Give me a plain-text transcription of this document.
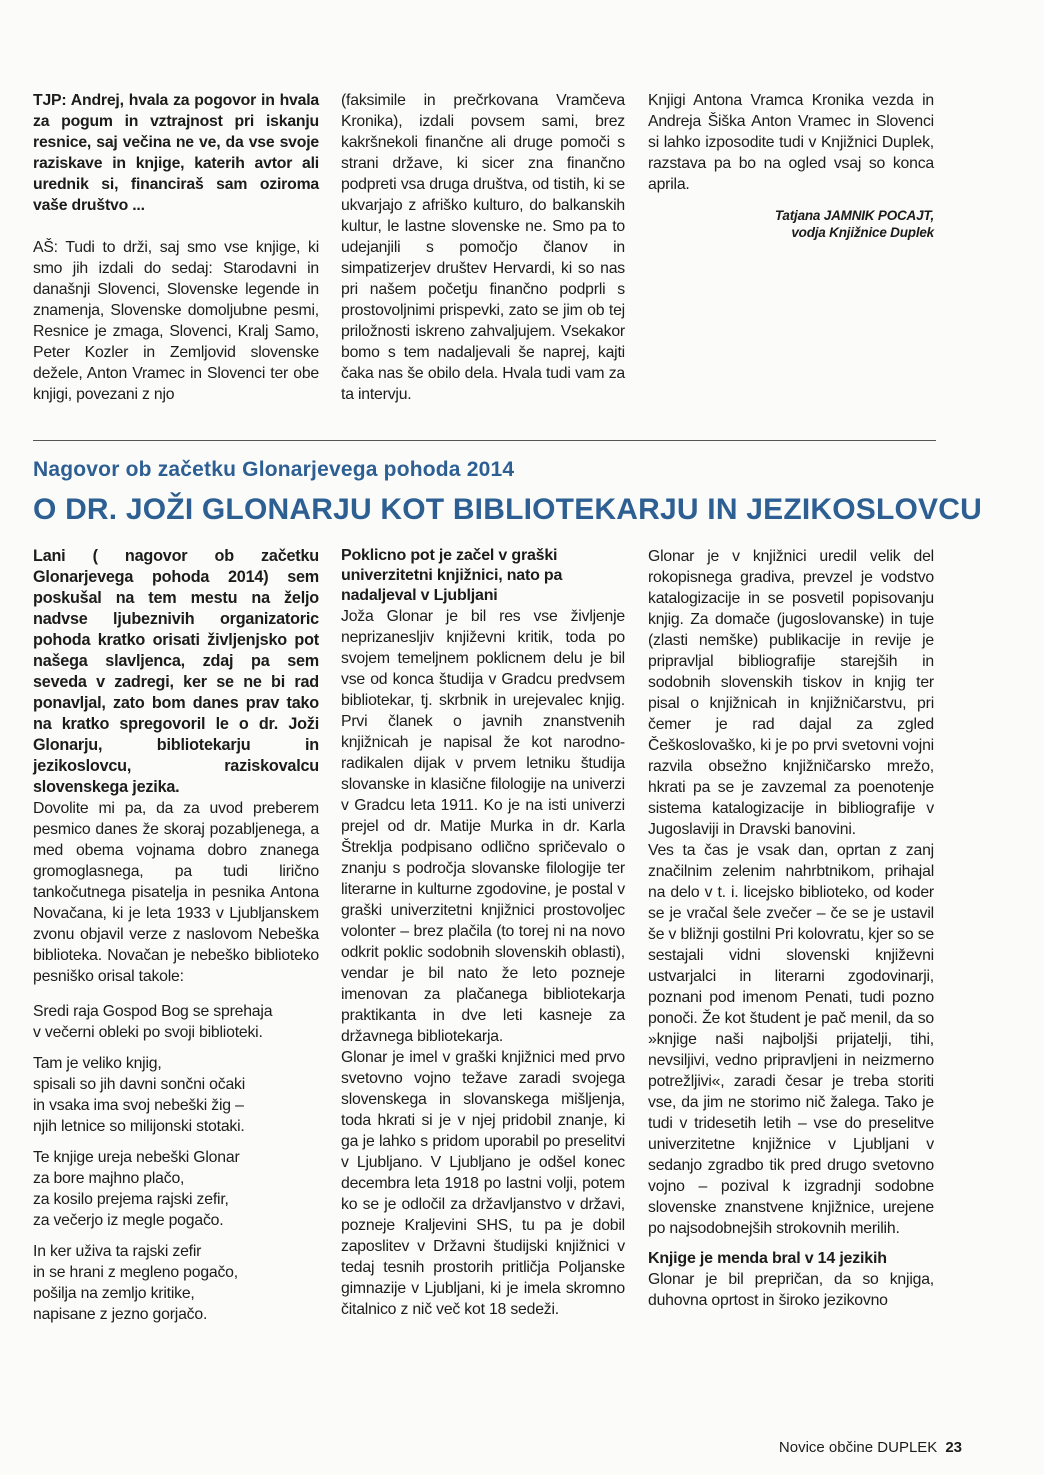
TJP: Andrej, hvala za pogovor in hvala za pogum in vztrajnost pri iskanju resnice, saj večina ne ve, da vse svoje raziskave in knjige, katerih avtor ali urednik si, financiraš sam oziroma vaše društvo ...

AŠ: Tudi to drži, saj smo vse knjige, ki smo jih izdali do sedaj: Starodavni in današnji Slovenci, Slovenske legende in znamenja, Slovenske domoljubne pesmi, Resnice je zmaga, Slovenci, Kralj Samo, Peter Kozler in Zemljovid slovenske dežele, Anton Vramec in Slovenci ter obe knjigi, povezani z njo

(faksimile in prečrkovana Vramčeva Kronika), izdali povsem sami, brez kakršnekoli finančne ali druge pomoči s strani države, ki sicer zna finančno podpreti vsa druga društva, od tistih, ki se ukvarjajo z afriško kulturo, do balkanskih kultur, le lastne slovenske ne. Smo pa to udejanjili s pomočjo članov in simpatizerjev društev Hervardi, ki so nas pri našem početju finančno podprli s prostovoljnimi prispevki, zato se jim ob tej priložnosti iskreno zahvaljujem. Vsekakor bomo s tem nadaljevali še naprej, kajti čaka nas še obilo dela. Hvala tudi vam za ta intervju.

Knjigi Antona Vramca Kronika vezda in Andreja Šiška Anton Vramec in Slovenci si lahko izposodite tudi v Knjižnici Duplek, razstava pa bo na ogled vsaj so konca aprila.

Tatjana JAMNIK POCAJT,

vodja Knjižnice Duplek

Nagovor ob začetku Glonarjevega pohoda 2014
O DR. JOŽI GLONARJU KOT BIBLIOTEKARJU IN JEZIKOSLOVCU

Lani ( nagovor ob začetku Glonarjevega pohoda 2014) sem poskušal na tem mestu na željo nadvse ljubeznivih organizatoric pohoda kratko orisati življenjsko pot našega slavljenca, zdaj pa sem seveda v zadregi, ker se ne bi rad ponavljal, zato bom danes prav tako na kratko spregovoril le o dr. Joži Glonarju, bibliotekarju in jezikoslovcu, raziskovalcu slovenskega jezika.

Dovolite mi pa, da za uvod preberem pesmico danes že skoraj pozabljenega, a med obema vojnama dobro znanega gromoglasnega, pa tudi lirično tankočutnega pisatelja in pesnika Antona Novačana, ki je leta 1933 v Ljubljanskem zvonu objavil verze z naslovom Nebeška biblioteka. Novačan je nebeško biblioteko pesniško orisal takole:

Sredi raja Gospod Bog se sprehaja

v večerni obleki po svoji biblioteki.

Tam je veliko knjig,

spisali so jih davni sončni očaki

in vsaka ima svoj nebeški žig –

njih letnice so milijonski stotaki.

Te knjige ureja nebeški Glonar

za bore majhno plačo,

za kosilo prejema rajski zefir,

za večerjo iz megle pogačo.

In ker uživa ta rajski zefir

in se hrani z megleno pogačo,

pošilja na zemljo kritike,

napisane z jezno gorjačo.

Poklicno pot je začel v graški univerzitetni knjižnici, nato pa nadaljeval v Ljubljani

Joža Glonar je bil res vse življenje neprizaneslјiv književni kritik, toda po svojem temeljnem poklicnem delu je bil vse od konca študija v Gradcu predvsem bibliotekar, tj. skrbnik in urejevalec knjig. Prvi članek o javnih znanstvenih knjižnicah je napisal že kot narodno-radikalen dijak v prvem letniku študija slovanske in klasične filologije na univerzi v Gradcu leta 1911. Ko je na isti univerzi prejel od dr. Matije Murka in dr. Karla Štreklja podpisano odlično spričevalo o znanju s področja slovanske filologije ter literarne in kulturne zgodovine, je postal v graški univerzitetni knjižnici prostovoljec volonter – brez plačila (to torej ni na novo odkrit poklic sodobnih slovenskih oblasti), vendar je bil nato že leto pozneje imenovan za plačanega bibliotekarja praktikanta in dve leti kasneje za državnega bibliotekarja.

Glonar je imel v graški knjižnici med prvo svetovno vojno težave zaradi svojega slovenskega in slovanskega mišljenja, toda hkrati si je v njej pridobil znanje, ki ga je lahko s pridom uporabil po preselitvi v Ljubljano. V Ljubljano je odšel konec decembra leta 1918 po lastni volji, potem ko se je odločil za državljanstvo v državi, pozneje Kraljevini SHS, tu pa je dobil zaposlitev v Državni študijski knjižnici v tedaj tesnih prostorih pritličja Poljanske gimnazije v Ljubljani, ki je imela skromno čitalnico z nič več kot 18 sedeži.

Glonar je v knjižnici uredil velik del rokopisnega gradiva, prevzel je vodstvo katalogizacije in se posvetil popisovanju knjig. Za domače (jugoslovanske) in tuje (zlasti nemške) publikacije in revije je pripravljal bibliografije starejših in sodobnih slovenskih tiskov in knjig ter pisal o knjižnicah in knjižničarstvu, pri čemer je rad dajal za zgled Češkoslovaško, ki je po prvi svetovni vojni razvila obsežno knjižničarsko mrežo, hkrati pa se je zavzemal za poenotenje sistema katalogizacije in bibliografije v Jugoslaviji in Dravski banovini.

Ves ta čas je vsak dan, oprtan z zanj značilnim zelenim nahrbtnikom, prihajal na delo v t. i. licejsko bibliotеko, od koder se je vračal šele zvečer – če se je ustavil še v bližnji gostilni Pri kolovratu, kjer so se sestajali vidni slovenski književni ustvarjalci in literarni zgodovinarji, poznani pod imenom Penati, tudi pozno ponoči. Že kot študent je pač menil, da so »knjige naši najboljši prijatelji, tihi, nevsiljivi, vedno pripravljeni in neizmerno potrežljivi«, zaradi česar je treba storiti vse, da jim ne storimo nič žalega. Tako je tudi v tridesetih letih – vse do preselitve univerzitetne knjižnice v Ljubljani v sedanjo zgradbo tik pred drugo svetovno vojno – pozival k izgradnji sodobne slovenske znanstvene knjižnice, urejene po najsodobnejših strokovnih merilih.

Knjige je menda bral v 14 jezikih

Glonar je bil prepričan, da so knjiga, duhovna oprtost in široko jezikovno

Novice občine DUPLEK 23
